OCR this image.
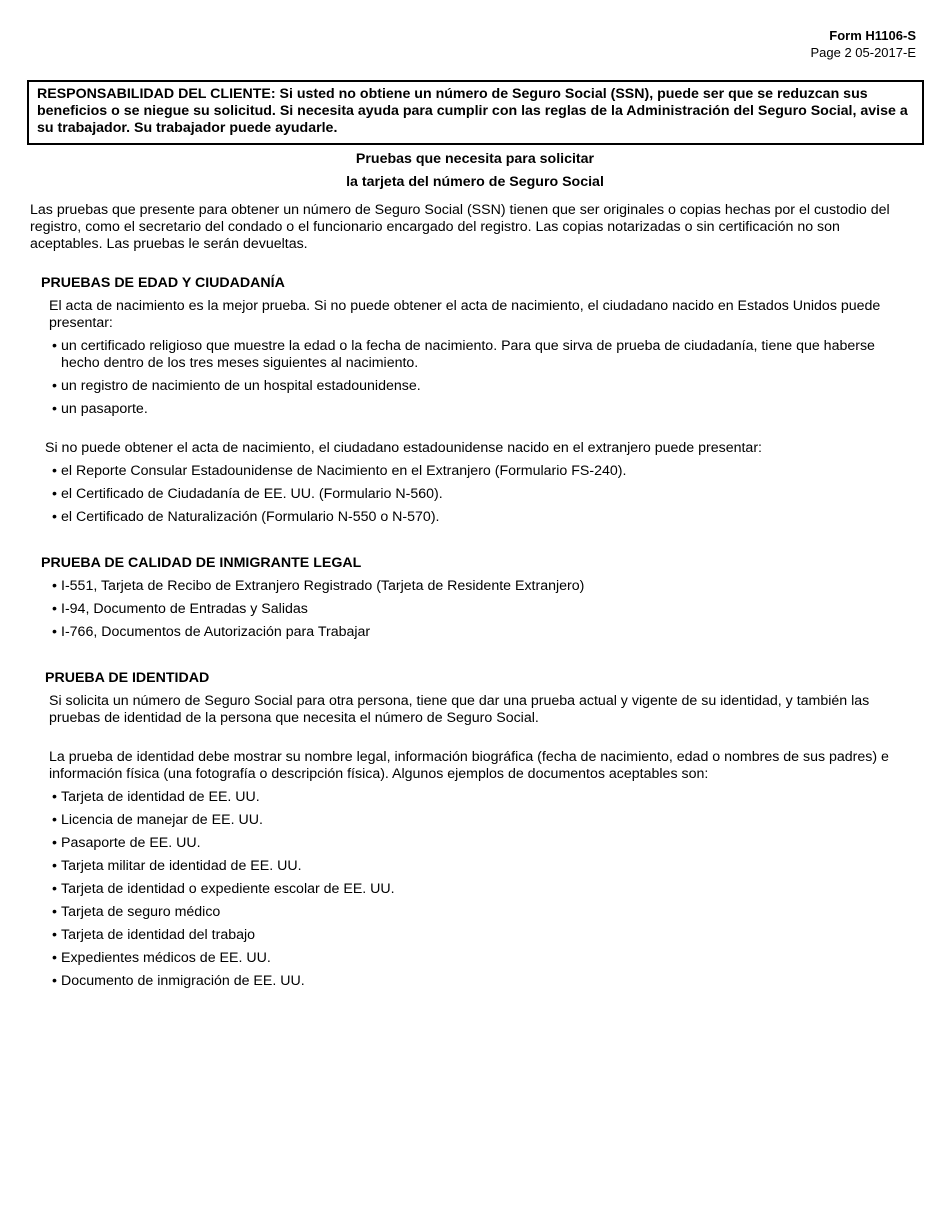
Form H1106-S
Page 2 05-2017-E
RESPONSABILIDAD DEL CLIENTE: Si usted no obtiene un número de Seguro Social (SSN), puede ser que se reduzcan sus beneficios o se niegue su solicitud. Si necesita ayuda para cumplir con las reglas de la Administración del Seguro Social, avise a su trabajador. Su trabajador puede ayudarle.
Pruebas que necesita para solicitar
la tarjeta del número de Seguro Social
Las pruebas que presente para obtener un número de Seguro Social (SSN) tienen que ser originales o copias hechas por el custodio del registro, como el secretario del condado o el funcionario encargado del registro. Las copias notarizadas o sin certificación no son aceptables. Las pruebas le serán devueltas.
PRUEBAS DE EDAD Y CIUDADANÍA
El acta de nacimiento es la mejor prueba. Si no puede obtener el acta de nacimiento, el ciudadano nacido en Estados Unidos puede presentar:
• un certificado religioso que muestre la edad o la fecha de nacimiento. Para que sirva de prueba de ciudadanía, tiene que haberse hecho dentro de los tres meses siguientes al nacimiento.
• un registro de nacimiento de un hospital estadounidense.
• un pasaporte.
Si no puede obtener el acta de nacimiento, el ciudadano estadounidense nacido en el extranjero puede presentar:
• el Reporte Consular Estadounidense de Nacimiento en el Extranjero (Formulario FS-240).
• el Certificado de Ciudadanía de EE. UU. (Formulario N-560).
• el Certificado de Naturalización (Formulario N-550 o N-570).
PRUEBA DE CALIDAD DE INMIGRANTE LEGAL
• I-551, Tarjeta de Recibo de Extranjero Registrado (Tarjeta de Residente Extranjero)
• I-94, Documento de Entradas y Salidas
• I-766, Documentos de Autorización para Trabajar
PRUEBA DE IDENTIDAD
Si solicita un número de Seguro Social para otra persona, tiene que dar una prueba actual y vigente de su identidad, y también las pruebas de identidad de la persona que necesita el número de Seguro Social.
La prueba de identidad debe mostrar su nombre legal, información biográfica (fecha de nacimiento, edad o nombres de sus padres) e información física (una fotografía o descripción física). Algunos ejemplos de documentos aceptables son:
• Tarjeta de identidad de EE. UU.
• Licencia de manejar de EE. UU.
• Pasaporte de EE. UU.
• Tarjeta militar de identidad de EE. UU.
• Tarjeta de identidad o expediente escolar de EE. UU.
• Tarjeta de seguro médico
• Tarjeta de identidad del trabajo
• Expedientes médicos de EE. UU.
• Documento de inmigración de EE. UU.
